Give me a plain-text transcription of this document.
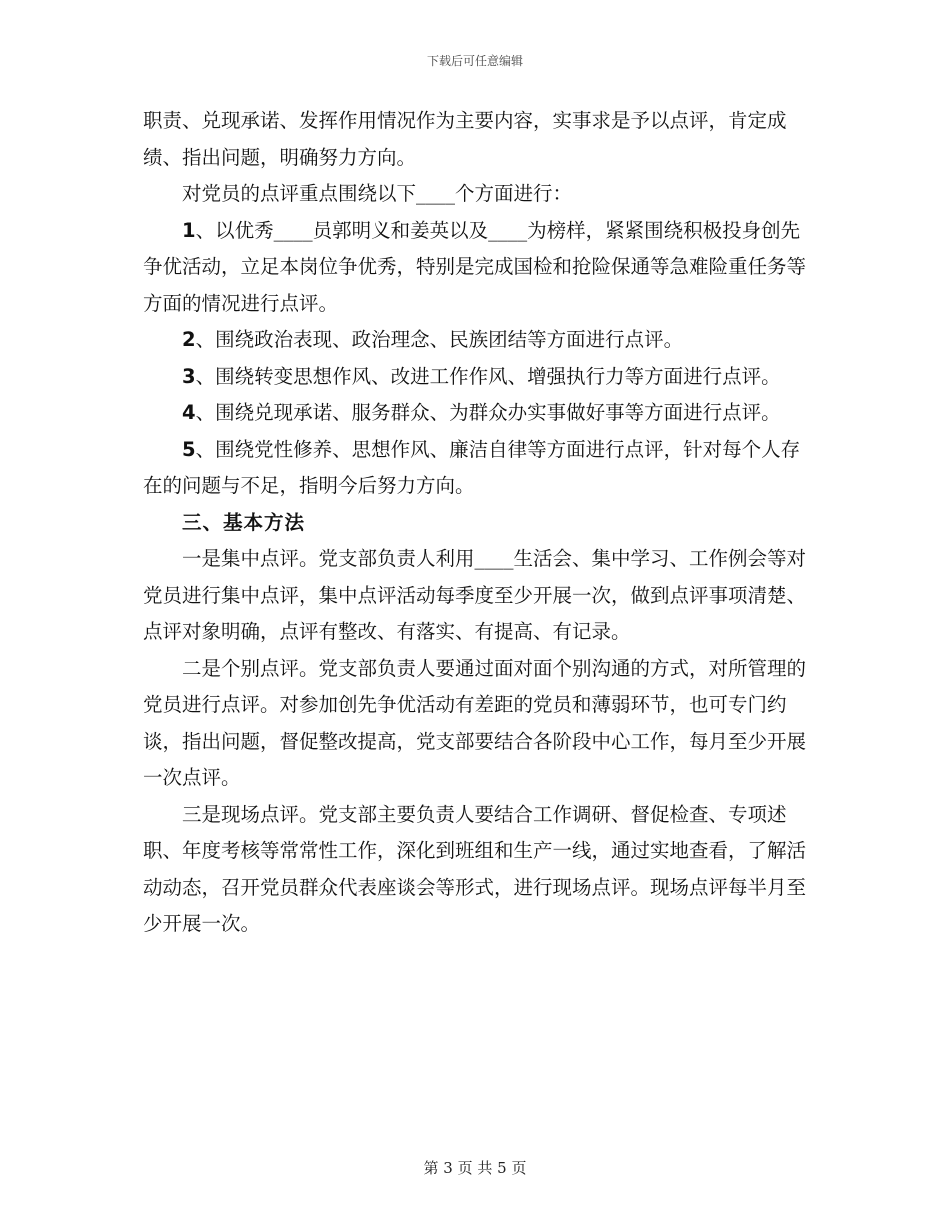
下载后可任意编辑

职责、兑现承诺、发挥作用情况作为主要内容，实事求是予以点评，肯定成绩、指出问题，明确努力方向。

对党员的点评重点围绕以下____个方面进行：

1、以优秀____员郭明义和姜英以及____为榜样，紧紧围绕积极投身创先争优活动，立足本岗位争优秀，特别是完成国检和抢险保通等急难险重任务等方面的情况进行点评。

2、围绕政治表现、政治理念、民族团结等方面进行点评。

3、围绕转变思想作风、改进工作作风、增强执行力等方面进行点评。

4、围绕兑现承诺、服务群众、为群众办实事做好事等方面进行点评。

5、围绕党性修养、思想作风、廉洁自律等方面进行点评，针对每个人存在的问题与不足，指明今后努力方向。

三、基本方法

一是集中点评。党支部负责人利用____生活会、集中学习、工作例会等对党员进行集中点评，集中点评活动每季度至少开展一次，做到点评事项清楚、点评对象明确，点评有整改、有落实、有提高、有记录。

二是个别点评。党支部负责人要通过面对面个别沟通的方式，对所管理的党员进行点评。对参加创先争优活动有差距的党员和薄弱环节，也可专门约谈，指出问题，督促整改提高，党支部要结合各阶段中心工作，每月至少开展一次点评。

三是现场点评。党支部主要负责人要结合工作调研、督促检查、专项述职、年度考核等常常性工作，深化到班组和生产一线，通过实地查看，了解活动动态，召开党员群众代表座谈会等形式，进行现场点评。现场点评每半月至少开展一次。

第 3 页 共 5 页
